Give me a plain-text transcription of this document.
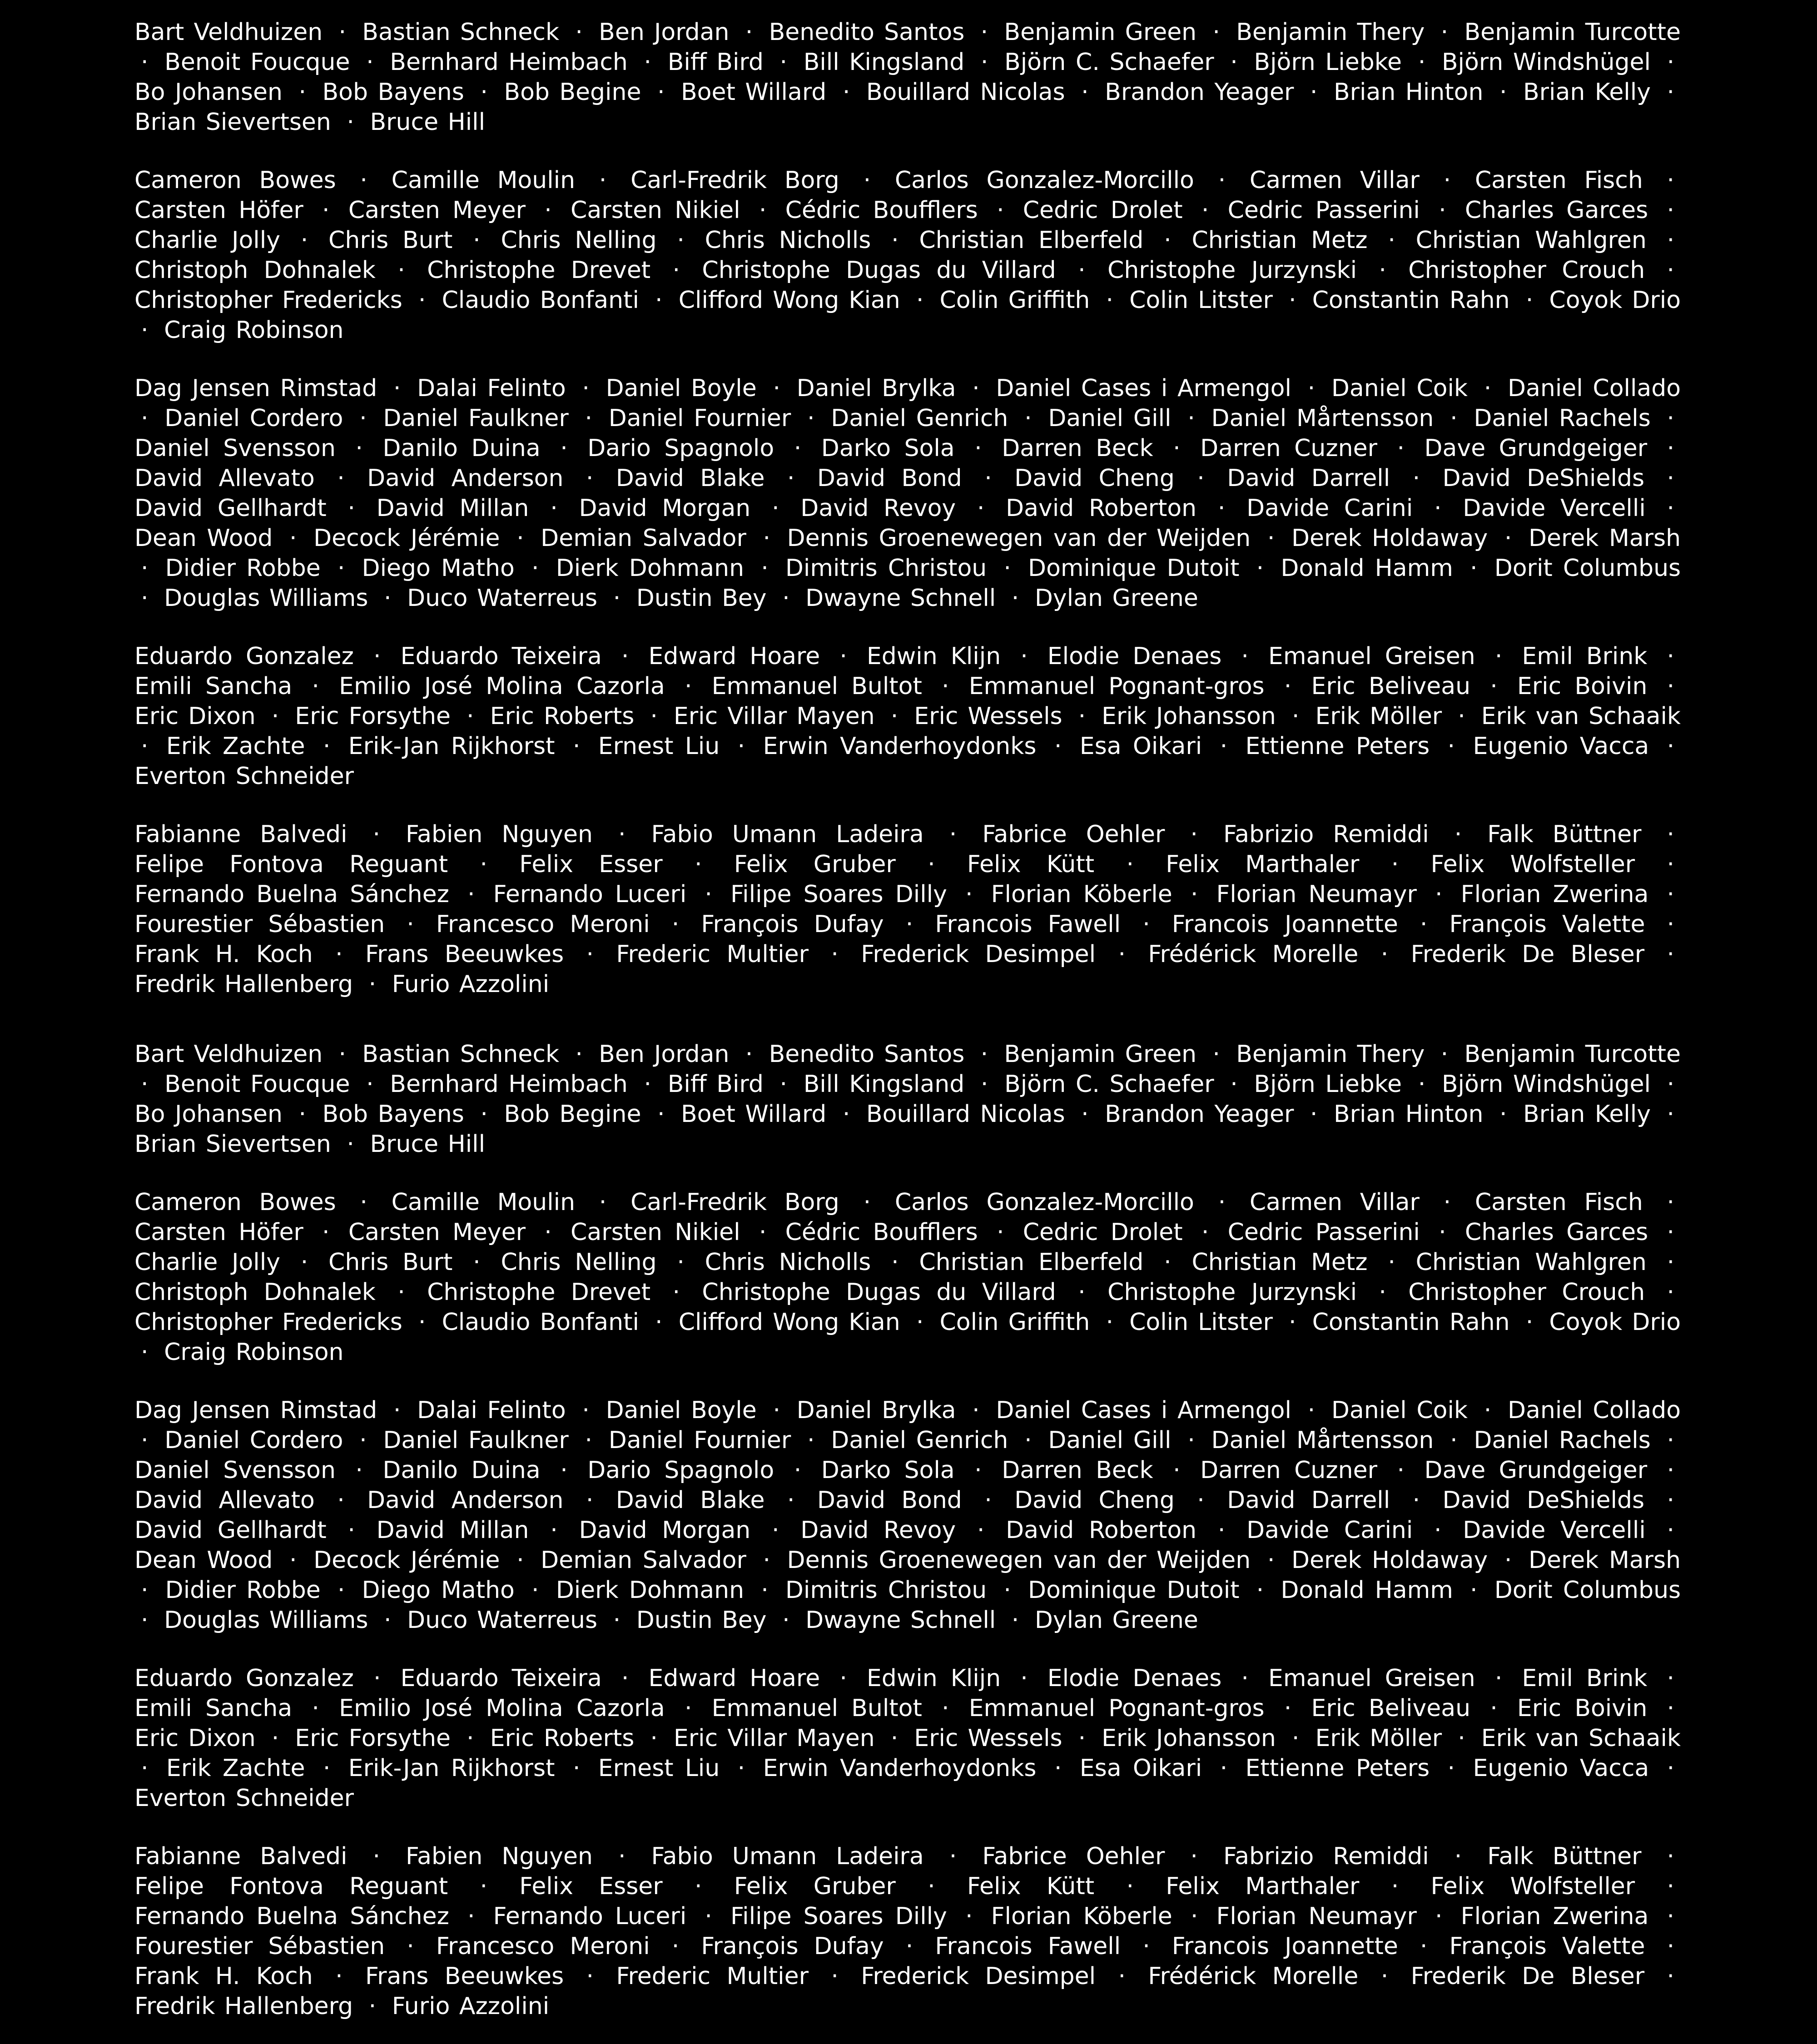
Bart Veldhuizen · Bastian Schneck · Ben Jordan · Benedito Santos · Benjamin Green · Benjamin Thery · Benjamin Turcotte · Benoit Foucque · Bernhard Heimbach · Biff Bird · Bill Kingsland · Björn C. Schaefer · Björn Liebke · Björn Windshügel · Bo Johansen · Bob Bayens · Bob Begine · Boet Willard · Bouillard Nicolas · Brandon Yeager · Brian Hinton · Brian Kelly · Brian Sievertsen · Bruce Hill

Cameron Bowes · Camille Moulin · Carl-Fredrik Borg · Carlos Gonzalez-Morcillo · Carmen Villar · Carsten Fisch · Carsten Höfer · Carsten Meyer · Carsten Nikiel · Cédric Boufflers · Cedric Drolet · Cedric Passerini · Charles Garces · Charlie Jolly · Chris Burt · Chris Nelling · Chris Nicholls · Christian Elberfeld · Christian Metz · Christian Wahlgren · Christoph Dohnalek · Christophe Drevet · Christophe Dugas du Villard · Christophe Jurzynski · Christopher Crouch · Christopher Fredericks · Claudio Bonfanti · Clifford Wong Kian · Colin Griffith · Colin Litster · Constantin Rahn · Coyok Drio · Craig Robinson

Dag Jensen Rimstad · Dalai Felinto · Daniel Boyle · Daniel Brylka · Daniel Cases i Armengol · Daniel Coik · Daniel Collado · Daniel Cordero · Daniel Faulkner · Daniel Fournier · Daniel Genrich · Daniel Gill · Daniel Mårtensson · Daniel Rachels · Daniel Svensson · Danilo Duina · Dario Spagnolo · Darko Sola · Darren Beck · Darren Cuzner · Dave Grundgeiger · David Allevato · David Anderson · David Blake · David Bond · David Cheng · David Darrell · David DeShields · David Gellhardt · David Millan · David Morgan · David Revoy · David Roberton · Davide Carini · Davide Vercelli · Dean Wood · Decock Jérémie · Demian Salvador · Dennis Groenewegen van der Weijden · Derek Holdaway · Derek Marsh · Didier Robbe · Diego Matho · Dierk Dohmann · Dimitris Christou · Dominique Dutoit · Donald Hamm · Dorit Columbus · Douglas Williams · Duco Waterreus · Dustin Bey · Dwayne Schnell · Dylan Greene

Eduardo Gonzalez · Eduardo Teixeira · Edward Hoare · Edwin Klijn · Elodie Denaes · Emanuel Greisen · Emil Brink · Emili Sancha · Emilio José Molina Cazorla · Emmanuel Bultot · Emmanuel Pognant-gros · Eric Beliveau · Eric Boivin · Eric Dixon · Eric Forsythe · Eric Roberts · Eric Villar Mayen · Eric Wessels · Erik Johansson · Erik Möller · Erik van Schaaik · Erik Zachte · Erik-Jan Rijkhorst · Ernest Liu · Erwin Vanderhoydonks · Esa Oikari · Ettienne Peters · Eugenio Vacca · Everton Schneider

Fabianne Balvedi · Fabien Nguyen · Fabio Umann Ladeira · Fabrice Oehler · Fabrizio Remiddi · Falk Büttner · Felipe Fontova Reguant · Felix Esser · Felix Gruber · Felix Kütt · Felix Marthaler · Felix Wolfsteller · Fernando Buelna Sánchez · Fernando Luceri · Filipe Soares Dilly · Florian Köberle · Florian Neumayr · Florian Zwerina · Fourestier Sébastien · Francesco Meroni · François Dufay · Francois Fawell · Francois Joannette · François Valette · Frank H. Koch · Frans Beeuwkes · Frederic Multier · Frederick Desimpel · Frédérick Morelle · Frederik De Bleser · Fredrik Hallenberg · Furio Azzolini

Bart Veldhuizen · Bastian Schneck · Ben Jordan · Benedito Santos · Benjamin Green · Benjamin Thery · Benjamin Turcotte · Benoit Foucque · Bernhard Heimbach · Biff Bird · Bill Kingsland · Björn C. Schaefer · Björn Liebke · Björn Windshügel · Bo Johansen · Bob Bayens · Bob Begine · Boet Willard · Bouillard Nicolas · Brandon Yeager · Brian Hinton · Brian Kelly · Brian Sievertsen · Bruce Hill

Cameron Bowes · Camille Moulin · Carl-Fredrik Borg · Carlos Gonzalez-Morcillo · Carmen Villar · Carsten Fisch · Carsten Höfer · Carsten Meyer · Carsten Nikiel · Cédric Boufflers · Cedric Drolet · Cedric Passerini · Charles Garces · Charlie Jolly · Chris Burt · Chris Nelling · Chris Nicholls · Christian Elberfeld · Christian Metz · Christian Wahlgren · Christoph Dohnalek · Christophe Drevet · Christophe Dugas du Villard · Christophe Jurzynski · Christopher Crouch · Christopher Fredericks · Claudio Bonfanti · Clifford Wong Kian · Colin Griffith · Colin Litster · Constantin Rahn · Coyok Drio · Craig Robinson

Dag Jensen Rimstad · Dalai Felinto · Daniel Boyle · Daniel Brylka · Daniel Cases i Armengol · Daniel Coik · Daniel Collado · Daniel Cordero · Daniel Faulkner · Daniel Fournier · Daniel Genrich · Daniel Gill · Daniel Mårtensson · Daniel Rachels · Daniel Svensson · Danilo Duina · Dario Spagnolo · Darko Sola · Darren Beck · Darren Cuzner · Dave Grundgeiger · David Allevato · David Anderson · David Blake · David Bond · David Cheng · David Darrell · David DeShields · David Gellhardt · David Millan · David Morgan · David Revoy · David Roberton · Davide Carini · Davide Vercelli · Dean Wood · Decock Jérémie · Demian Salvador · Dennis Groenewegen van der Weijden · Derek Holdaway · Derek Marsh · Didier Robbe · Diego Matho · Dierk Dohmann · Dimitris Christou · Dominique Dutoit · Donald Hamm · Dorit Columbus · Douglas Williams · Duco Waterreus · Dustin Bey · Dwayne Schnell · Dylan Greene

Eduardo Gonzalez · Eduardo Teixeira · Edward Hoare · Edwin Klijn · Elodie Denaes · Emanuel Greisen · Emil Brink · Emili Sancha · Emilio José Molina Cazorla · Emmanuel Bultot · Emmanuel Pognant-gros · Eric Beliveau · Eric Boivin · Eric Dixon · Eric Forsythe · Eric Roberts · Eric Villar Mayen · Eric Wessels · Erik Johansson · Erik Möller · Erik van Schaaik · Erik Zachte · Erik-Jan Rijkhorst · Ernest Liu · Erwin Vanderhoydonks · Esa Oikari · Ettienne Peters · Eugenio Vacca · Everton Schneider

Fabianne Balvedi · Fabien Nguyen · Fabio Umann Ladeira · Fabrice Oehler · Fabrizio Remiddi · Falk Büttner · Felipe Fontova Reguant · Felix Esser · Felix Gruber · Felix Kütt · Felix Marthaler · Felix Wolfsteller · Fernando Buelna Sánchez · Fernando Luceri · Filipe Soares Dilly · Florian Köberle · Florian Neumayr · Florian Zwerina · Fourestier Sébastien · Francesco Meroni · François Dufay · Francois Fawell · Francois Joannette · François Valette · Frank H. Koch · Frans Beeuwkes · Frederic Multier · Frederick Desimpel · Frédérick Morelle · Frederik De Bleser · Fredrik Hallenberg · Furio Azzolini
